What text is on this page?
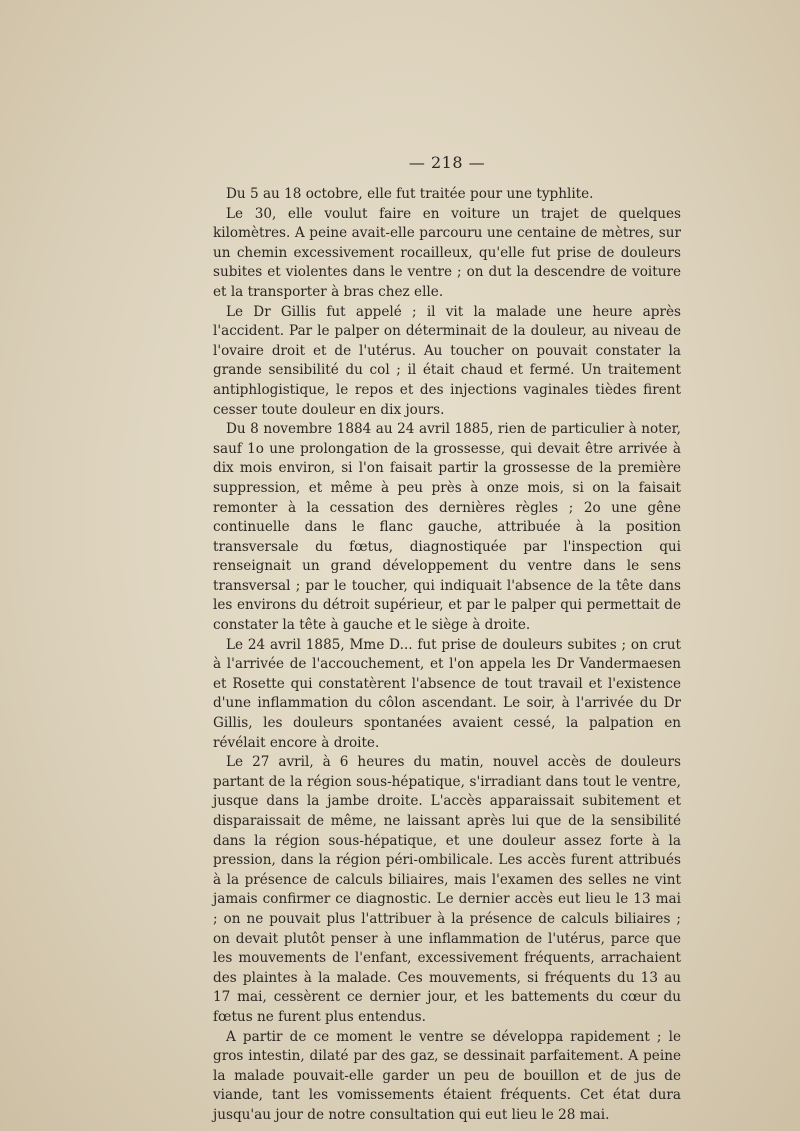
— 218 —

Du 5 au 18 octobre, elle fut traitée pour une typhlite.

Le 30, elle voulut faire en voiture un trajet de quelques kilomètres. A peine avait-elle parcouru une centaine de mètres, sur un chemin excessivement rocailleux, qu'elle fut prise de douleurs subites et violentes dans le ventre ; on dut la descendre de voiture et la transporter à bras chez elle.

Le Dr Gillis fut appelé ; il vit la malade une heure après l'accident. Par le palper on déterminait de la douleur, au niveau de l'ovaire droit et de l'utérus. Au toucher on pouvait constater la grande sensibilité du col ; il était chaud et fermé. Un traitement antiphlogistique, le repos et des injections vaginales tièdes firent cesser toute douleur en dix jours.

Du 8 novembre 1884 au 24 avril 1885, rien de particulier à noter, sauf 1o une prolongation de la grossesse, qui devait être arrivée à dix mois environ, si l'on faisait partir la grossesse de la première suppression, et même à peu près à onze mois, si on la faisait remonter à la cessation des dernières règles ; 2o une gêne continuelle dans le flanc gauche, attribuée à la position transversale du fœtus, diagnostiquée par l'inspection qui renseignait un grand développement du ventre dans le sens transversal ; par le toucher, qui indiquait l'absence de la tête dans les environs du détroit supérieur, et par le palper qui permettait de constater la tête à gauche et le siège à droite.

Le 24 avril 1885, Mme D... fut prise de douleurs subites ; on crut à l'arrivée de l'accouchement, et l'on appela les Dr Vandermaesen et Rosette qui constatèrent l'absence de tout travail et l'existence d'une inflammation du côlon ascendant. Le soir, à l'arrivée du Dr Gillis, les douleurs spontanées avaient cessé, la palpation en révélait encore à droite.

Le 27 avril, à 6 heures du matin, nouvel accès de douleurs partant de la région sous-hépatique, s'irradiant dans tout le ventre, jusque dans la jambe droite. L'accès apparaissait subitement et disparaissait de même, ne laissant après lui que de la sensibilité dans la région sous-hépatique, et une douleur assez forte à la pression, dans la région péri-ombilicale. Les accès furent attribués à la présence de calculs biliaires, mais l'examen des selles ne vint jamais confirmer ce diagnostic. Le dernier accès eut lieu le 13 mai ; on ne pouvait plus l'attribuer à la présence de calculs biliaires ; on devait plutôt penser à une inflammation de l'utérus, parce que les mouvements de l'enfant, excessivement fréquents, arrachaient des plaintes à la malade. Ces mouvements, si fréquents du 13 au 17 mai, cessèrent ce dernier jour, et les battements du cœur du fœtus ne furent plus entendus.

A partir de ce moment le ventre se développa rapidement ; le gros intestin, dilaté par des gaz, se dessinait parfaitement. A peine la malade pouvait-elle garder un peu de bouillon et de jus de viande, tant les vomissements étaient fréquents. Cet état dura jusqu'au jour de notre consultation qui eut lieu le 28 mai.
